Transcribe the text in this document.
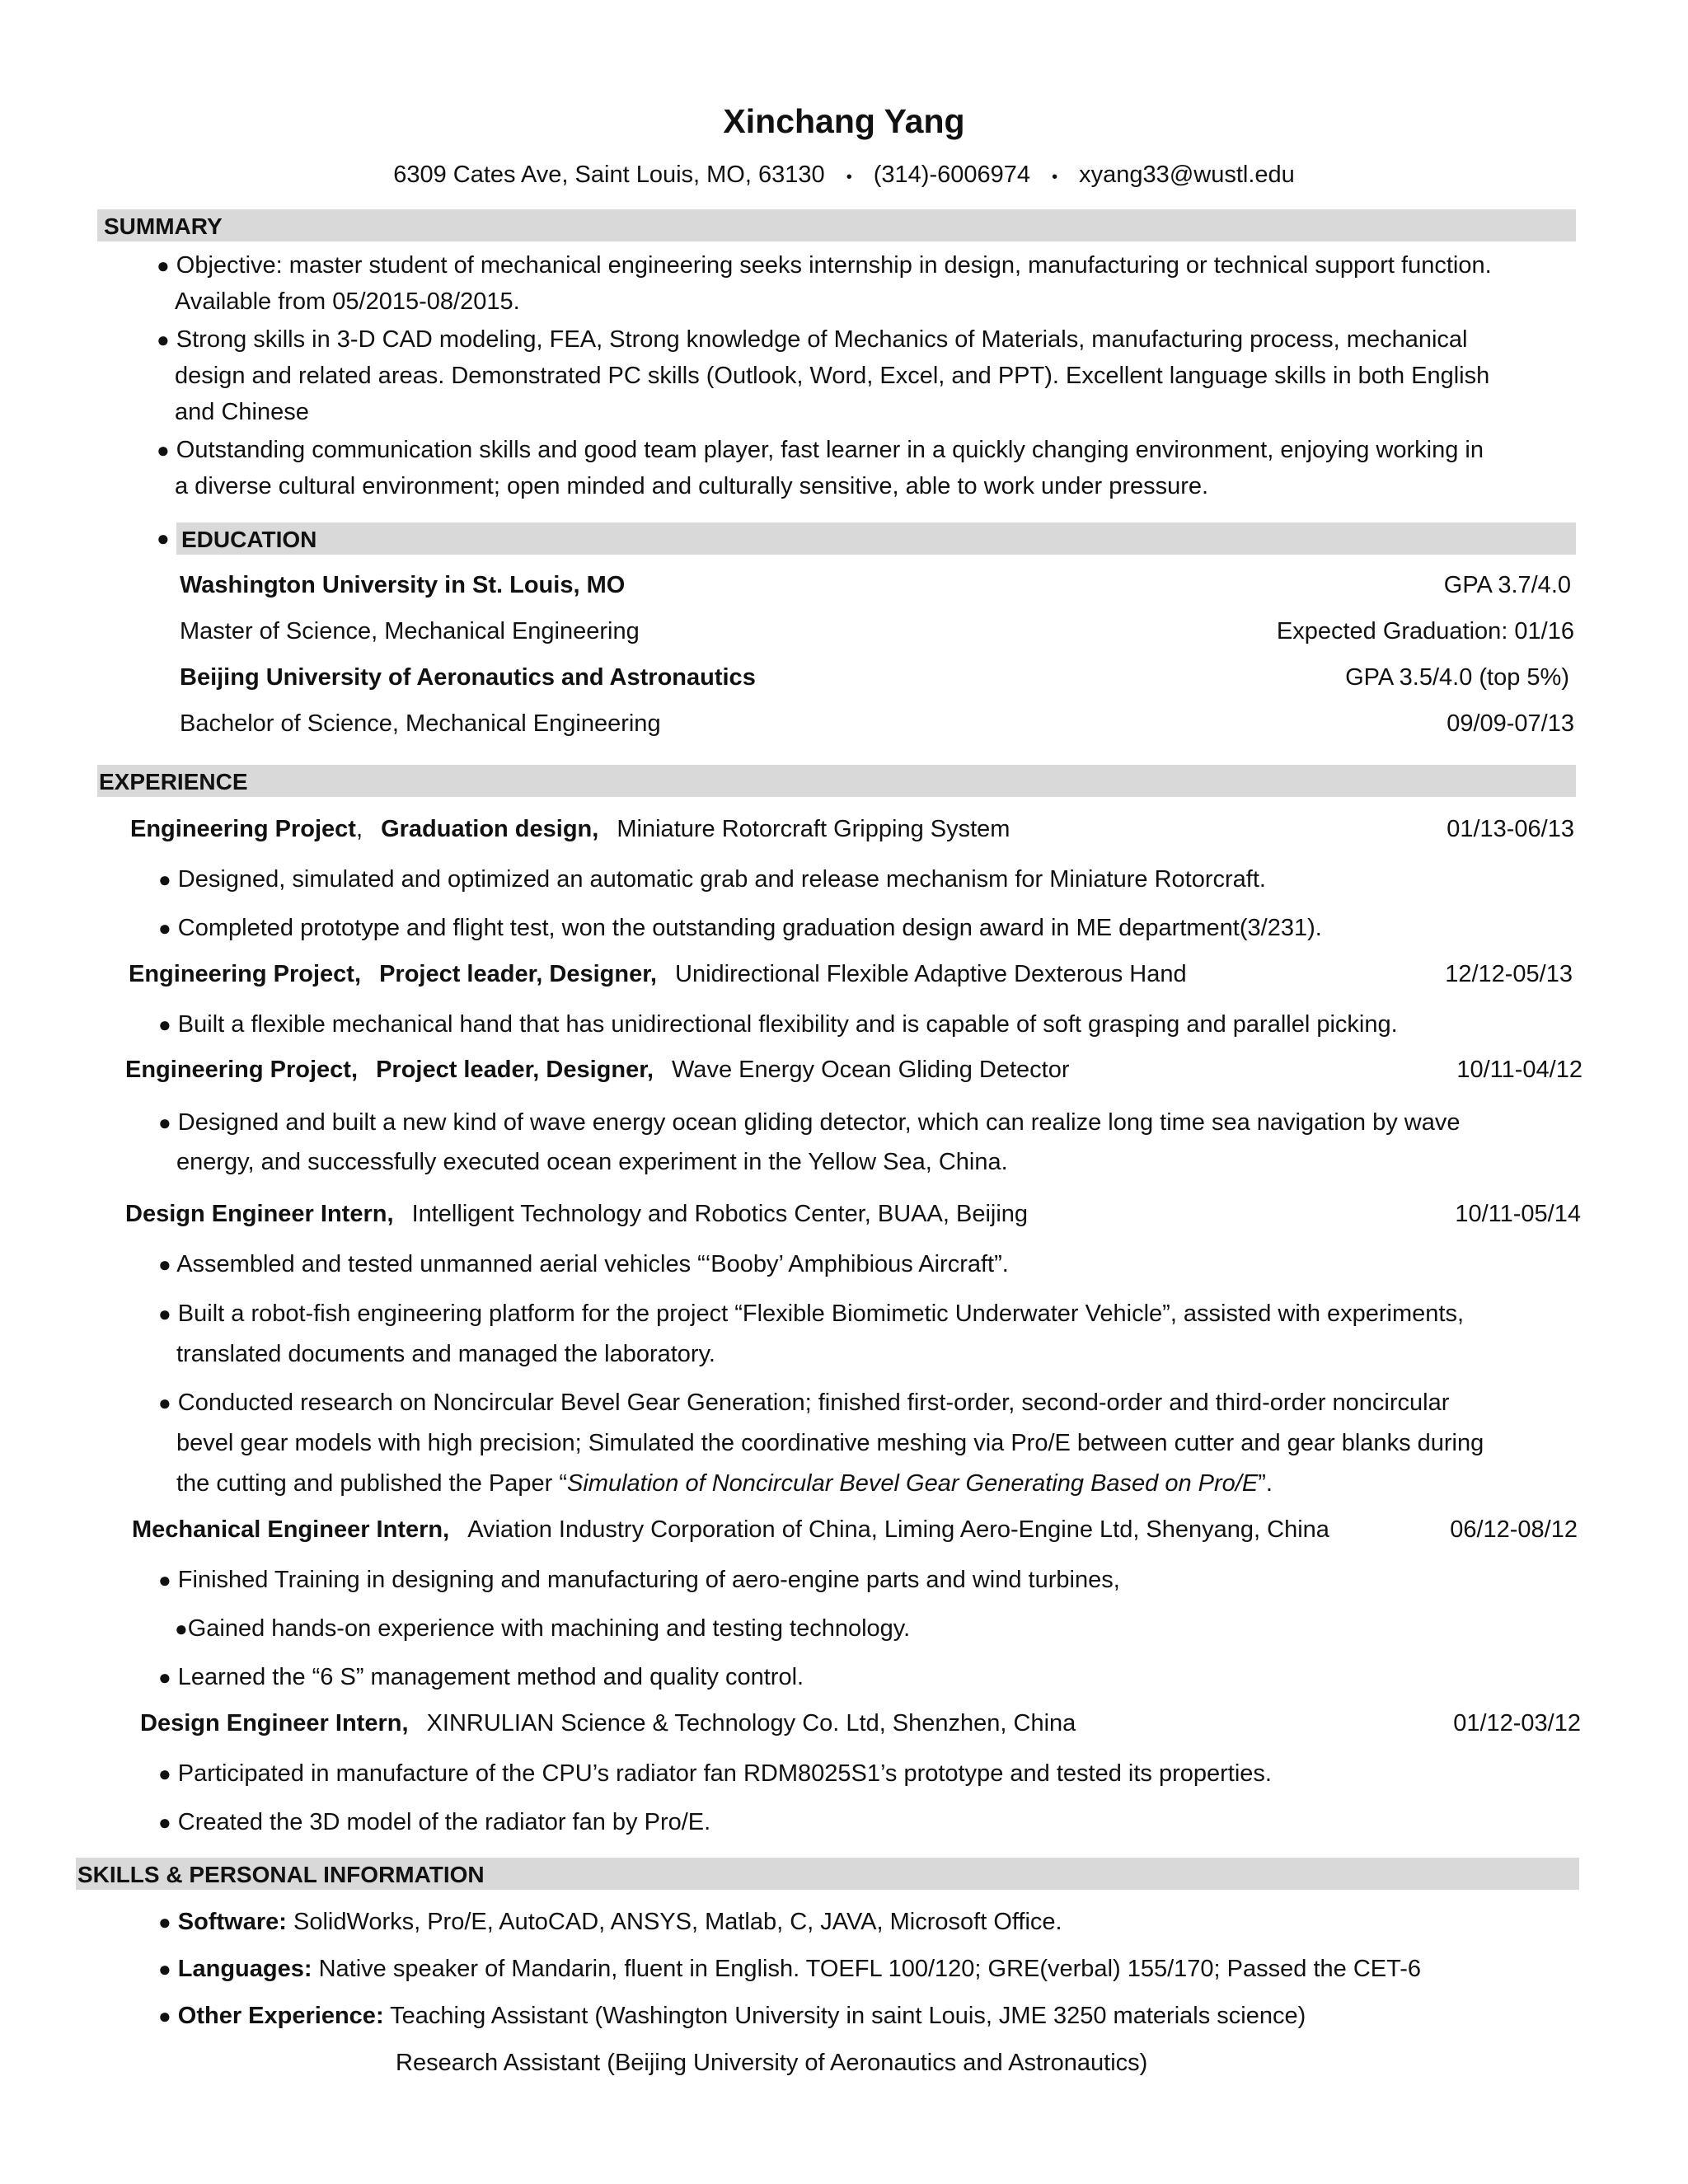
Xinchang Yang
6309 Cates Ave, Saint Louis, MO, 63130 • (314)-6006974 • xyang33@wustl.edu
SUMMARY
● Objective: master student of mechanical engineering seeks internship in design, manufacturing or technical support function.
Available from 05/2015-08/2015.
● Strong skills in 3-D CAD modeling, FEA, Strong knowledge of Mechanics of Materials, manufacturing process, mechanical
design and related areas. Demonstrated PC skills (Outlook, Word, Excel, and PPT). Excellent language skills in both English
and Chinese
● Outstanding communication skills and good team player, fast learner in a quickly changing environment, enjoying working in
a diverse cultural environment; open minded and culturally sensitive, able to work under pressure.
● EDUCATION
Washington University in St. Louis, MO	GPA 3.7/4.0
Master of Science, Mechanical Engineering	Expected Graduation: 01/16
Beijing University of Aeronautics and Astronautics	GPA 3.5/4.0 (top 5%)
Bachelor of Science, Mechanical Engineering	09/09-07/13
EXPERIENCE
Engineering Project, Graduation design, Miniature Rotorcraft Gripping System	01/13-06/13
● Designed, simulated and optimized an automatic grab and release mechanism for Miniature Rotorcraft.
● Completed prototype and flight test, won the outstanding graduation design award in ME department(3/231).
Engineering Project, Project leader, Designer, Unidirectional Flexible Adaptive Dexterous Hand	12/12-05/13
● Built a flexible mechanical hand that has unidirectional flexibility and is capable of soft grasping and parallel picking.
Engineering Project, Project leader, Designer, Wave Energy Ocean Gliding Detector	10/11-04/12
● Designed and built a new kind of wave energy ocean gliding detector, which can realize long time sea navigation by wave
energy, and successfully executed ocean experiment in the Yellow Sea, China.
Design Engineer Intern, Intelligent Technology and Robotics Center, BUAA, Beijing	10/11-05/14
● Assembled and tested unmanned aerial vehicles “‘Booby’ Amphibious Aircraft”.
● Built a robot-fish engineering platform for the project “Flexible Biomimetic Underwater Vehicle”, assisted with experiments,
translated documents and managed the laboratory.
● Conducted research on Noncircular Bevel Gear Generation; finished first-order, second-order and third-order noncircular
bevel gear models with high precision; Simulated the coordinative meshing via Pro/E between cutter and gear blanks during
the cutting and published the Paper “Simulation of Noncircular Bevel Gear Generating Based on Pro/E”.
Mechanical Engineer Intern, Aviation Industry Corporation of China, Liming Aero-Engine Ltd, Shenyang, China	06/12-08/12
● Finished Training in designing and manufacturing of aero-engine parts and wind turbines,
●Gained hands-on experience with machining and testing technology.
● Learned the “6 S” management method and quality control.
Design Engineer Intern, XINRULIAN Science & Technology Co. Ltd, Shenzhen, China	01/12-03/12
● Participated in manufacture of the CPU’s radiator fan RDM8025S1’s prototype and tested its properties.
● Created the 3D model of the radiator fan by Pro/E.
SKILLS & PERSONAL INFORMATION
● Software: SolidWorks, Pro/E, AutoCAD, ANSYS, Matlab, C, JAVA, Microsoft Office.
● Languages: Native speaker of Mandarin, fluent in English. TOEFL 100/120; GRE(verbal) 155/170; Passed the CET-6
● Other Experience: Teaching Assistant (Washington University in saint Louis, JME 3250 materials science)
Research Assistant (Beijing University of Aeronautics and Astronautics)
